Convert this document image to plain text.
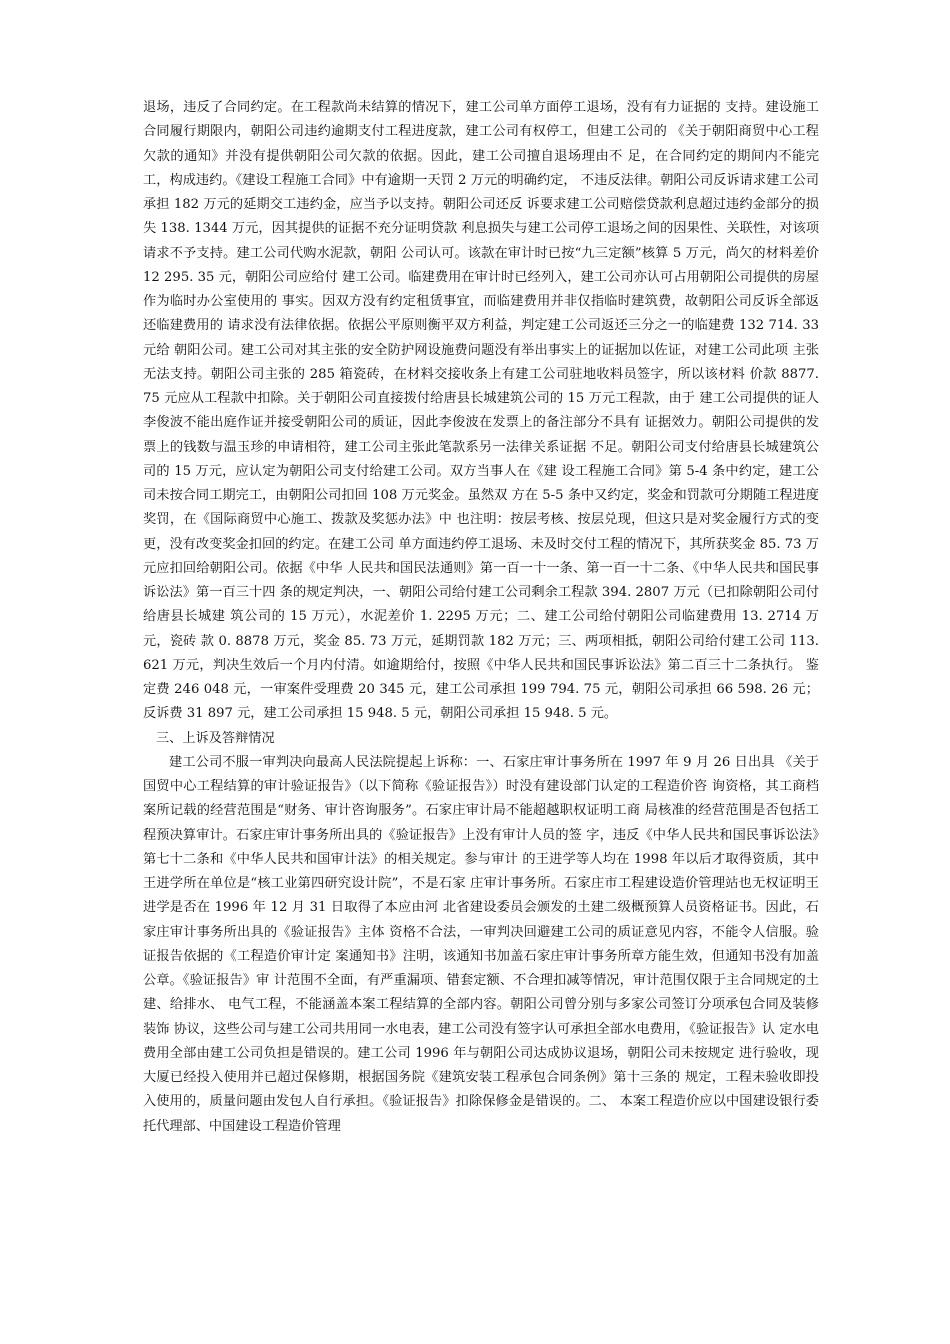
退场，违反了合同约定。在工程款尚未结算的情况下，建工公司单方面停工退场，没有有力证据的 支持。建设施工合同履行期限内，朝阳公司违约逾期支付工程进度款，建工公司有权停工，但建工公司的 《关于朝阳商贸中心工程欠款的通知》并没有提供朝阳公司欠款的依据。因此，建工公司擅自退场理由不 足，在合同约定的期间内不能完工，构成违约。《建设工程施工合同》中有逾期一天罚 2 万元的明确约定， 不违反法律。朝阳公司反诉请求建工公司承担 182 万元的延期交工违约金，应当予以支持。朝阳公司还反 诉要求建工公司赔偿贷款利息超过违约金部分的损失 138. 1344 万元，因其提供的证据不充分证明贷款 利息损失与建工公司停工退场之间的因果性、关联性，对该项请求不予支持。建工公司代购水泥款，朝阳 公司认可。该款在审计时已按“九三定额”核算 5 万元，尚欠的材料差价 12 295. 35 元，朝阳公司应给付 建工公司。临建费用在审计时已经列入，建工公司亦认可占用朝阳公司提供的房屋作为临时办公室使用的 事实。因双方没有约定租赁事宜，而临建费用并非仅指临时建筑费，故朝阳公司反诉全部返还临建费用的 请求没有法律依据。依据公平原则衡平双方利益，判定建工公司返还三分之一的临建费 132 714. 33 元给 朝阳公司。建工公司对其主张的安全防护网设施费问题没有举出事实上的证据加以佐证，对建工公司此项 主张无法支持。朝阳公司主张的 285 箱瓷砖，在材料交接收条上有建工公司驻地收料员签字，所以该材料 价款 8877. 75 元应从工程款中扣除。关于朝阳公司直接拨付给唐县长城建筑公司的 15 万元工程款，由于 建工公司提供的证人李俊波不能出庭作证并接受朝阳公司的质证，因此李俊波在发票上的备注部分不具有 证据效力。朝阳公司提供的发票上的钱数与温玉珍的申请相符，建工公司主张此笔款系另一法律关系证据 不足。朝阳公司支付给唐县长城建筑公司的 15 万元，应认定为朝阳公司支付给建工公司。双方当事人在《建 设工程施工合同》第 5-4 条中约定，建工公司未按合同工期完工，由朝阳公司扣回 108 万元奖金。虽然双 方在 5-5 条中又约定，奖金和罚款可分期随工程进度奖罚，在《国际商贸中心施工、拨款及奖惩办法》中 也注明：按层考核、按层兑现，但这只是对奖金履行方式的变更，没有改变奖金扣回的约定。在建工公司 单方面违约停工退场、未及时交付工程的情况下，其所获奖金 85. 73 万元应扣回给朝阳公司。依据《中华 人民共和国民法通则》第一百一十一条、第一百一十二条、《中华人民共和国民事诉讼法》第一百三十四 条的规定判决，一、朝阳公司给付建工公司剩余工程款 394. 2807 万元（已扣除朝阳公司付给唐县长城建 筑公司的 15 万元），水泥差价 1. 2295 万元；二、建工公司给付朝阳公司临建费用 13. 2714 万元，瓷砖 款 0. 8878 万元，奖金 85. 73 万元，延期罚款 182 万元；三、两项相抵，朝阳公司给付建工公司 113. 621 万元，判决生效后一个月内付清。如逾期给付，按照《中华人民共和国民事诉讼法》第二百三十二条执行。 鉴定费 246 048 元，一审案件受理费 20 345 元，建工公司承担 199 794. 75 元，朝阳公司承担 66 598. 26 元；反诉费 31 897 元，建工公司承担 15 948. 5 元，朝阳公司承担 15 948. 5 元。

三、上诉及答辩情况

建工公司不服一审判决向最高人民法院提起上诉称：一、石家庄审计事务所在 1997 年 9 月 26 日出具 《关于国贸中心工程结算的审计验证报告》（以下简称《验证报告》）时没有建设部门认定的工程造价咨 询资格，其工商档案所记载的经营范围是“财务、审计咨询服务”。石家庄审计局不能超越职权证明工商 局核准的经营范围是否包括工程预决算审计。石家庄审计事务所出具的《验证报告》上没有审计人员的签 字，违反《中华人民共和国民事诉讼法》第七十二条和《中华人民共和国审计法》的相关规定。参与审计 的王进学等人均在 1998 年以后才取得资质，其中王进学所在单位是“核工业第四研究设计院”，不是石家 庄审计事务所。石家庄市工程建设造价管理站也无权证明王进学是否在 1996 年 12 月 31 日取得了本应由河 北省建设委员会颁发的土建二级概预算人员资格证书。因此，石家庄审计事务所出具的《验证报告》主体 资格不合法，一审判决回避建工公司的质证意见内容，不能令人信服。验证报告依据的《工程造价审计定 案通知书》注明，该通知书加盖石家庄审计事务所章方能生效，但通知书没有加盖公章。《验证报告》审 计范围不全面，有严重漏项、错套定额、不合理扣减等情况，审计范围仅限于主合同规定的土建、给排水、 电气工程，不能涵盖本案工程结算的全部内容。朝阳公司曾分别与多家公司签订分项承包合同及装修装饰 协议，这些公司与建工公司共用同一水电表，建工公司没有签字认可承担全部水电费用，《验证报告》认 定水电费用全部由建工公司负担是错误的。建工公司 1996 年与朝阳公司达成协议退场，朝阳公司未按规定 进行验收，现大厦已经投入使用并已超过保修期，根据国务院《建筑安装工程承包合同条例》第十三条的 规定，工程未验收即投入使用的，质量问题由发包人自行承担。《验证报告》扣除保修金是错误的。二、 本案工程造价应以中国建设银行委托代理部、中国建设工程造价管理
